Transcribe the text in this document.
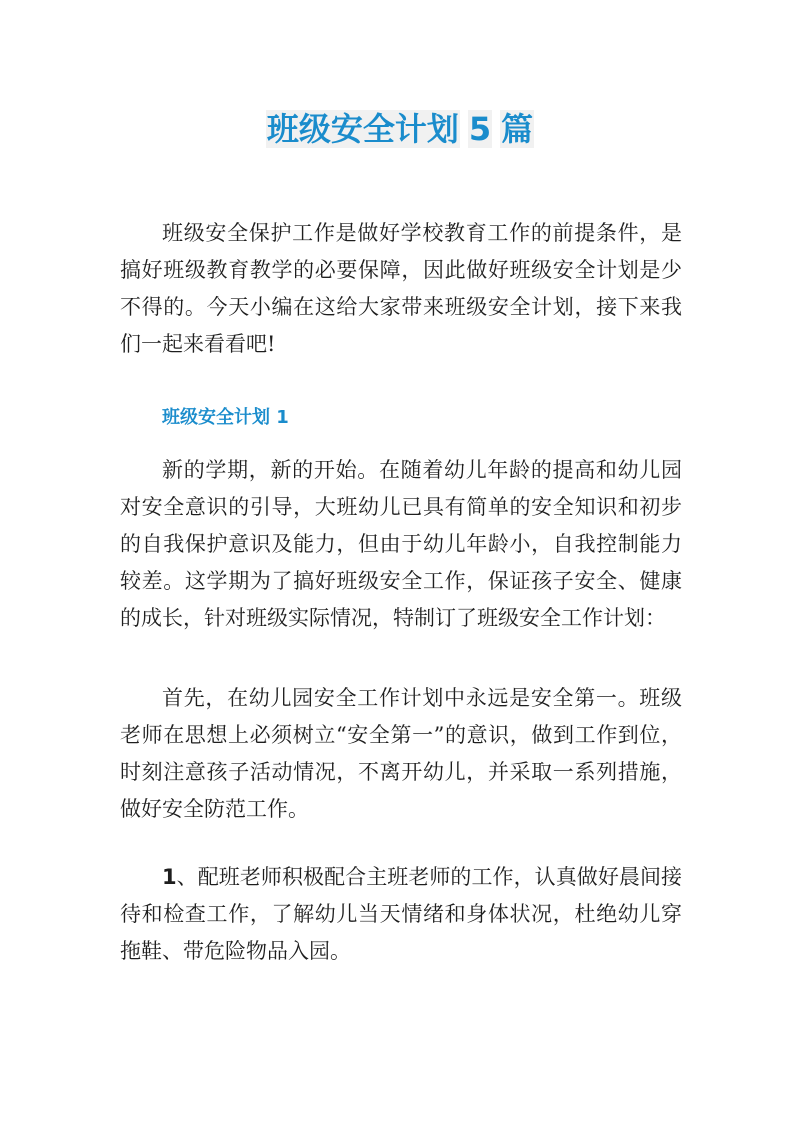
班级安全计划 5 篇

班级安全保护工作是做好学校教育工作的前提条件，是搞好班级教育教学的必要保障，因此做好班级安全计划是少不得的。今天小编在这给大家带来班级安全计划，接下来我们一起来看看吧!

班级安全计划 1

新的学期，新的开始。在随着幼儿年龄的提高和幼儿园对安全意识的引导，大班幼儿已具有简单的安全知识和初步的自我保护意识及能力，但由于幼儿年龄小，自我控制能力较差。这学期为了搞好班级安全工作，保证孩子安全、健康的成长，针对班级实际情况，特制订了班级安全工作计划：

首先，在幼儿园安全工作计划中永远是安全第一。班级老师在思想上必须树立“安全第一”的意识，做到工作到位，时刻注意孩子活动情况，不离开幼儿，并采取一系列措施，做好安全防范工作。

1、配班老师积极配合主班老师的工作，认真做好晨间接待和检查工作，了解幼儿当天情绪和身体状况，杜绝幼儿穿拖鞋、带危险物品入园。
